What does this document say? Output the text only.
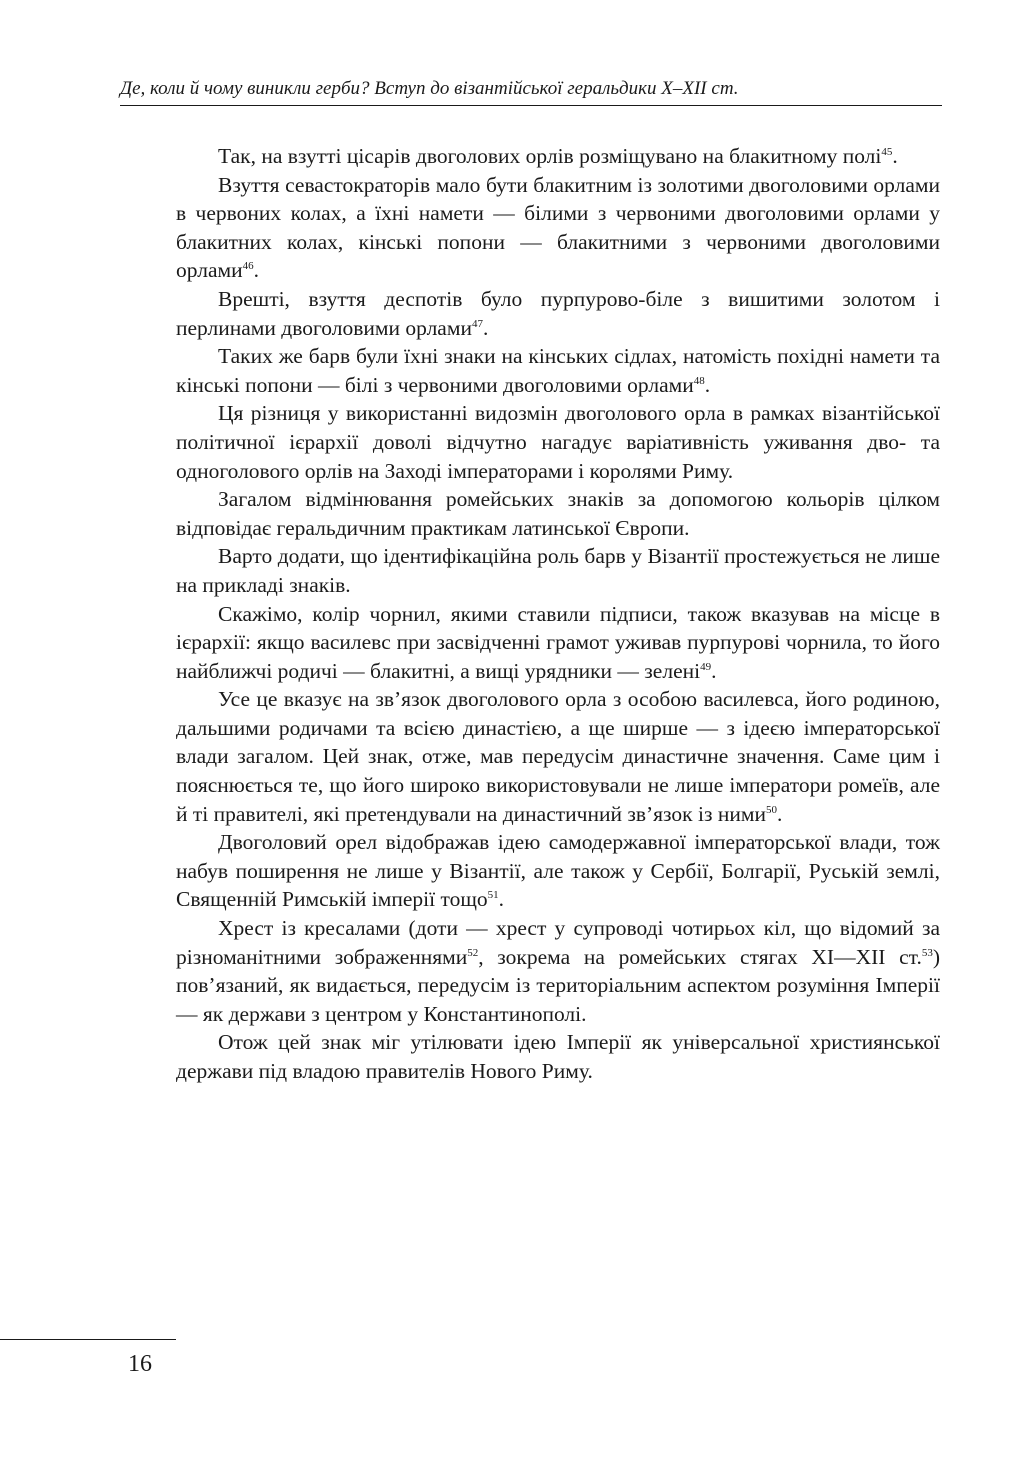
Де, коли й чому виникли герби? Вступ до візантійської геральдики X–XII ст.

Так, на взутті цісарів двоголових орлів розміщувано на блакитному полі$^{45}$.

Взуття севастократорів мало бути блакитним із золотими двоголовими орлами в червоних колах, а їхні намети — білими з червоними двоголовими орлами у блакитних колах, кінські попони — блакитними з червоними двоголовими орлами$^{46}$.

Врешті, взуття деспотів було пурпурово-біле з вишитими золотом і перлинами двоголовими орлами$^{47}$.

Таких же барв були їхні знаки на кінських сідлах, натомість похідні намети та кінські попони — білі з червоними двоголовими орлами$^{48}$.

Ця різниця у використанні видозмін двоголового орла в рамках візантійської політичної ієрархії доволі відчутно нагадує варіативність уживання дво- та одноголового орлів на Заході імператорами і королями Риму.

Загалом відмінювання ромейських знаків за допомогою кольорів цілком відповідає геральдичним практикам латинської Європи.

Варто додати, що ідентифікаційна роль барв у Візантії простежується не лише на прикладі знаків.

Скажімо, колір чорнил, якими ставили підписи, також вказував на місце в ієрархії: якщо василевс при засвідченні грамот уживав пурпурові чорнила, то його найближчі родичі — блакитні, а вищі урядники — зелені$^{49}$.

Усе це вказує на зв’язок двоголового орла з особою василевса, його родиною, дальшими родичами та всією династією, а ще ширше — з ідеєю імператорської влади загалом. Цей знак, отже, мав передусім династичне значення. Саме цим і пояснюється те, що його широко використовували не лише імператори ромеїв, але й ті правителі, які претендували на династичний зв’язок із ними$^{50}$.

Двоголовий орел відображав ідею самодержавної імператорської влади, тож набув поширення не лише у Візантії, але також у Сербії, Болгарії, Руській землі, Священній Римській імперії тощо$^{51}$.

Хрест із кресалами (доти — хрест у супроводі чотирьох кіл, що відомий за різноманітними зображеннями$^{52}$, зокрема на ромейських стягах XI—XII ст.$^{53}$) пов’язаний, як видається, передусім із територіальним аспектом розуміння Імперії — як держави з центром у Константинополі.

Отож цей знак міг утілювати ідею Імперії як універсальної християнської держави під владою правителів Нового Риму.

16
